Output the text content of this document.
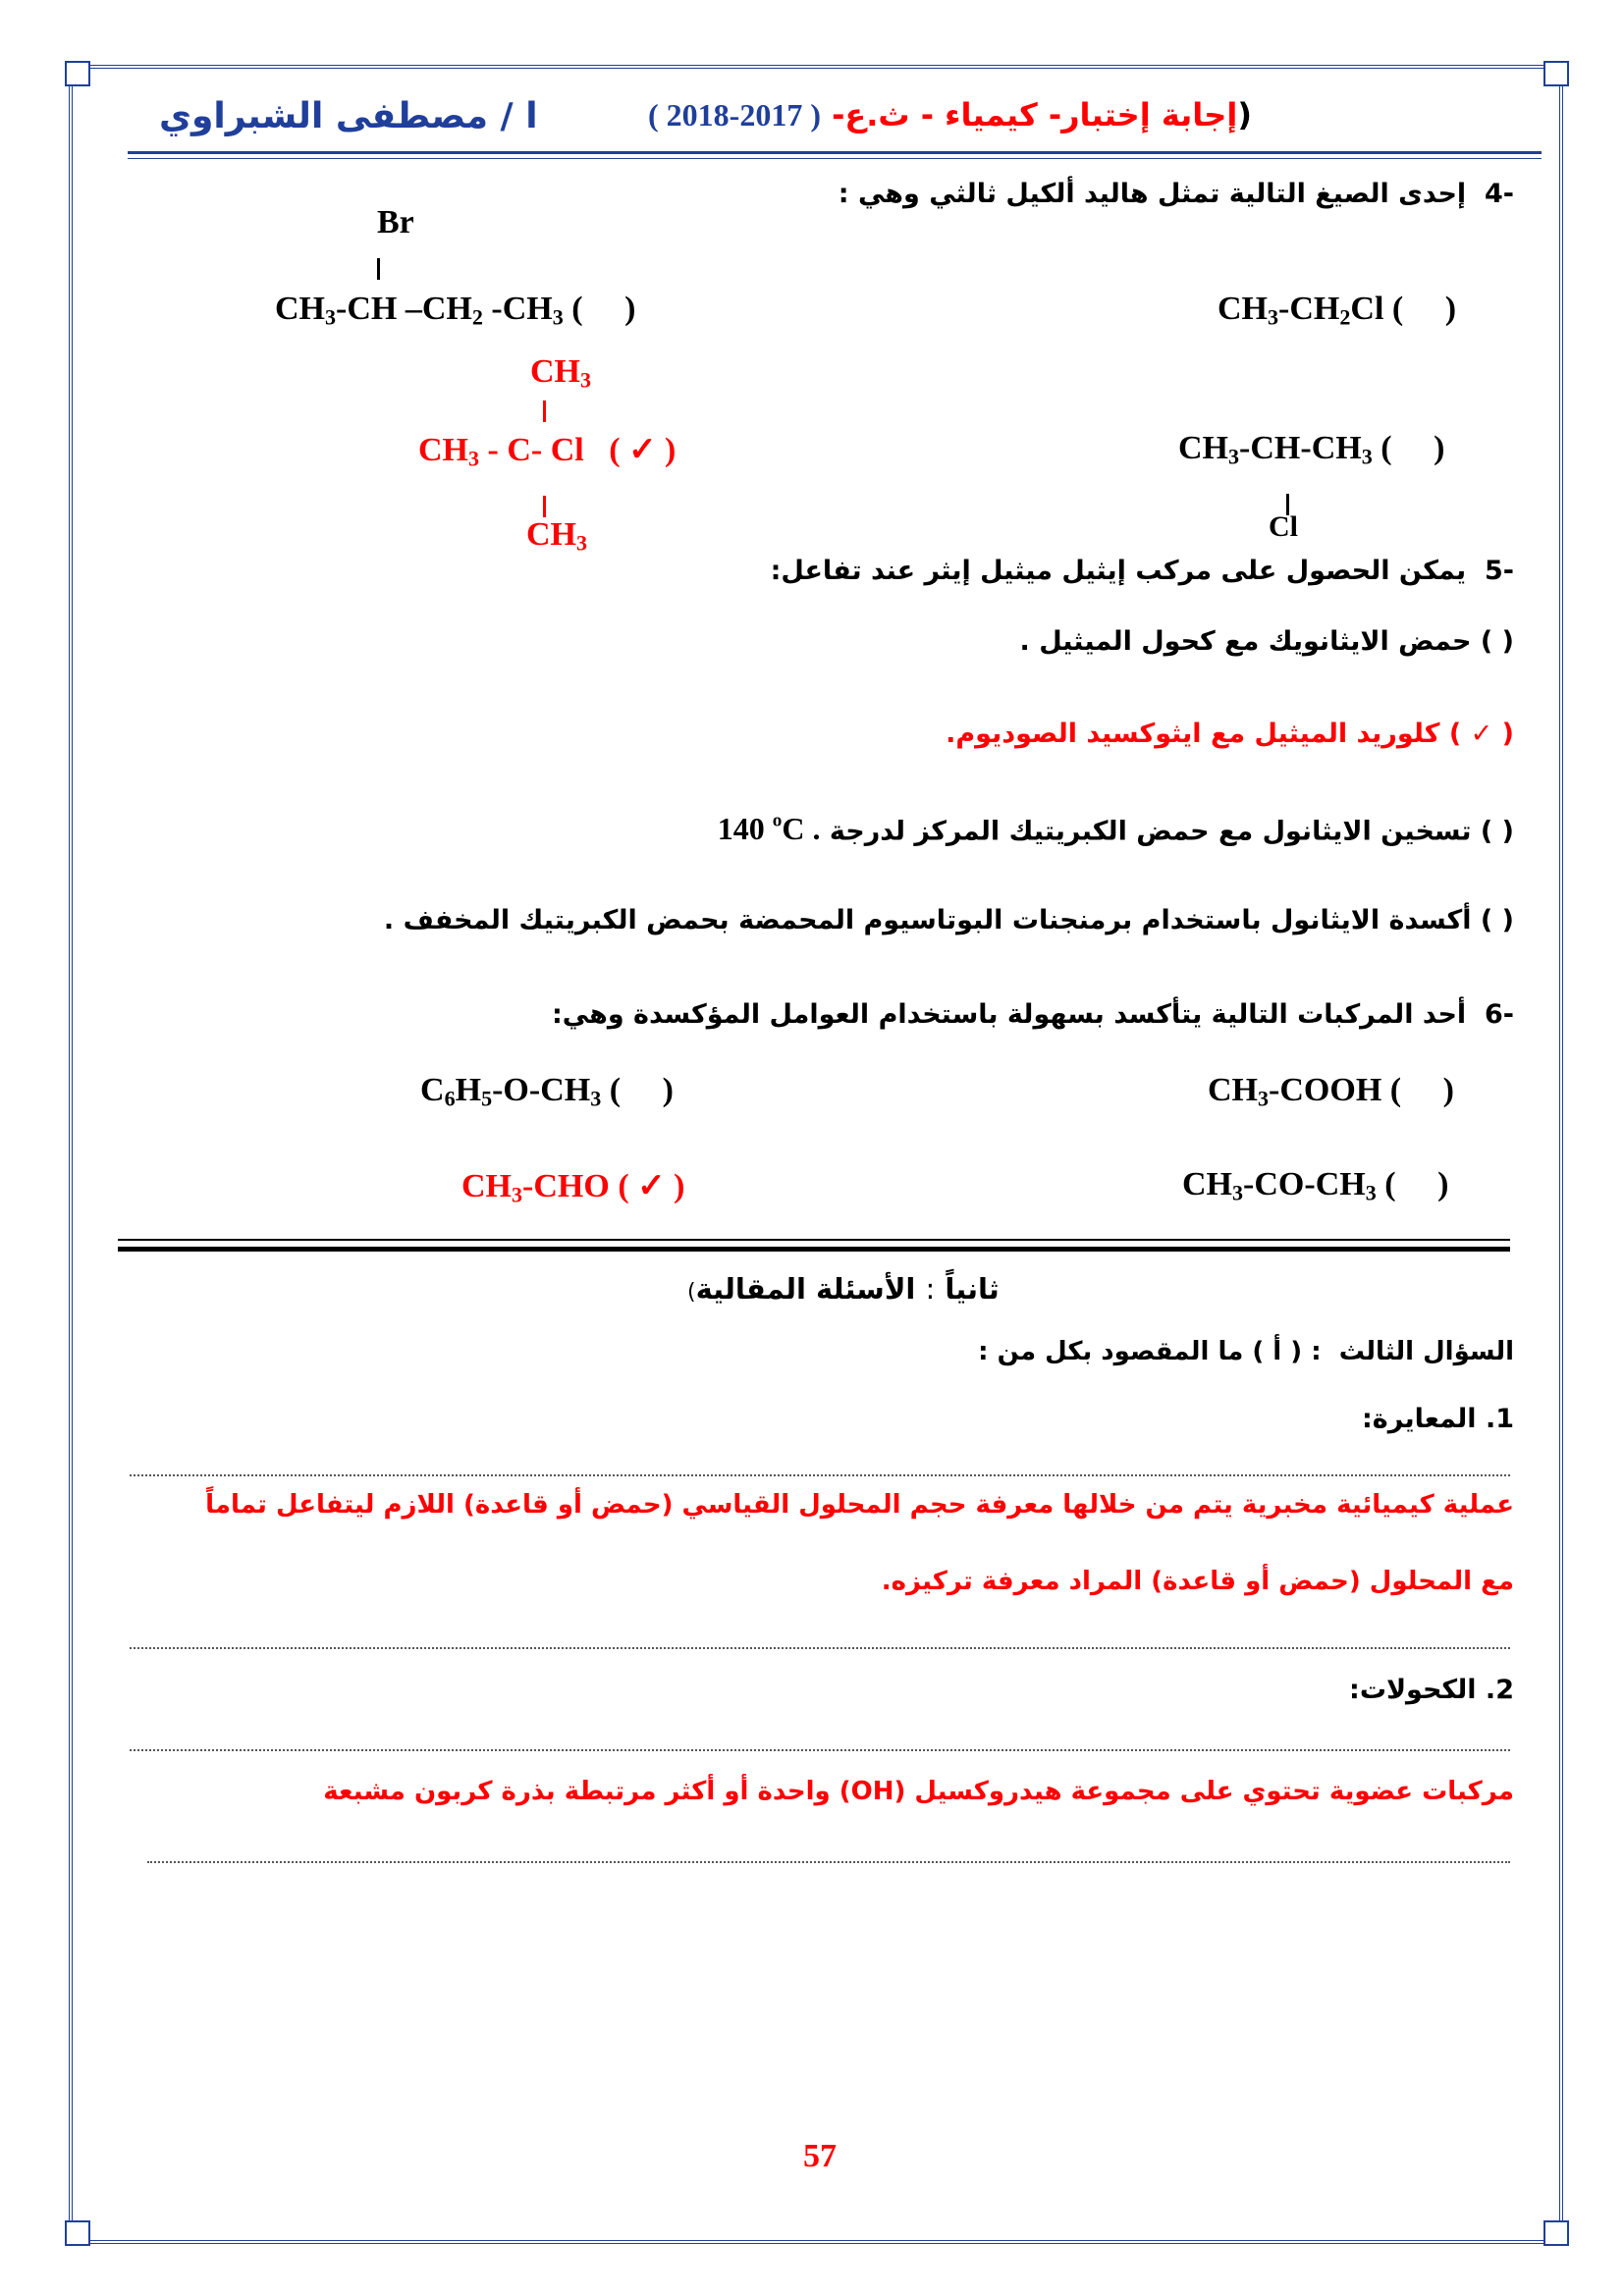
ا / مصطفى الشبراوي	(إجابة إختبار- كيمياء - ث.ع- ( 2017-2018 )
-4  إحدى الصيغ التالية تمثل هاليد ألكيل ثالثي وهي :
Br
$CH_3-CH$ $-CH_2$ $-CH_3$ (     )	$CH_3-CH_2Cl$ (     )
$CH_3$
$CH_3 - C-$ Cl   ( ✓ )
$CH_3$
$CH_3-CH-CH_3$ (     )
Cl
-5  يمكن الحصول على مركب إيثيل ميثيل إيثر عند تفاعل:
( ) حمض الايثانويك مع كحول الميثيل .
( ✓ ) كلوريد الميثيل مع ايثوكسيد الصوديوم.
( ) تسخين الايثانول مع حمض الكبريتيك المركز لدرجة 140 $^o$C .
( ) أكسدة الايثانول باستخدام برمنجنات البوتاسيوم المحمضة بحمض الكبريتيك المخفف .
-6  أحد المركبات التالية يتأكسد بسهولة باستخدام العوامل المؤكسدة وهي:
$C_6H_5-O-CH_3$ (     )	$CH_3$-COOH (     )
$CH_3$-CHO ( ✓ )	$CH_3-CO-CH_3$ (     )
ثانياً : الأسئلة المقالية)
السؤال الثالث  : ( أ ) ما المقصود بكل من :
1. المعايرة:
عملية كيميائية مخبرية يتم من خلالها معرفة حجم المحلول القياسي (حمض أو قاعدة) اللازم ليتفاعل تماماً
مع المحلول (حمض أو قاعدة) المراد معرفة تركيزه.
2. الكحولات:
مركبات عضوية تحتوي على مجموعة هيدروكسيل (OH) واحدة أو أكثر مرتبطة بذرة كربون مشبعة
57
